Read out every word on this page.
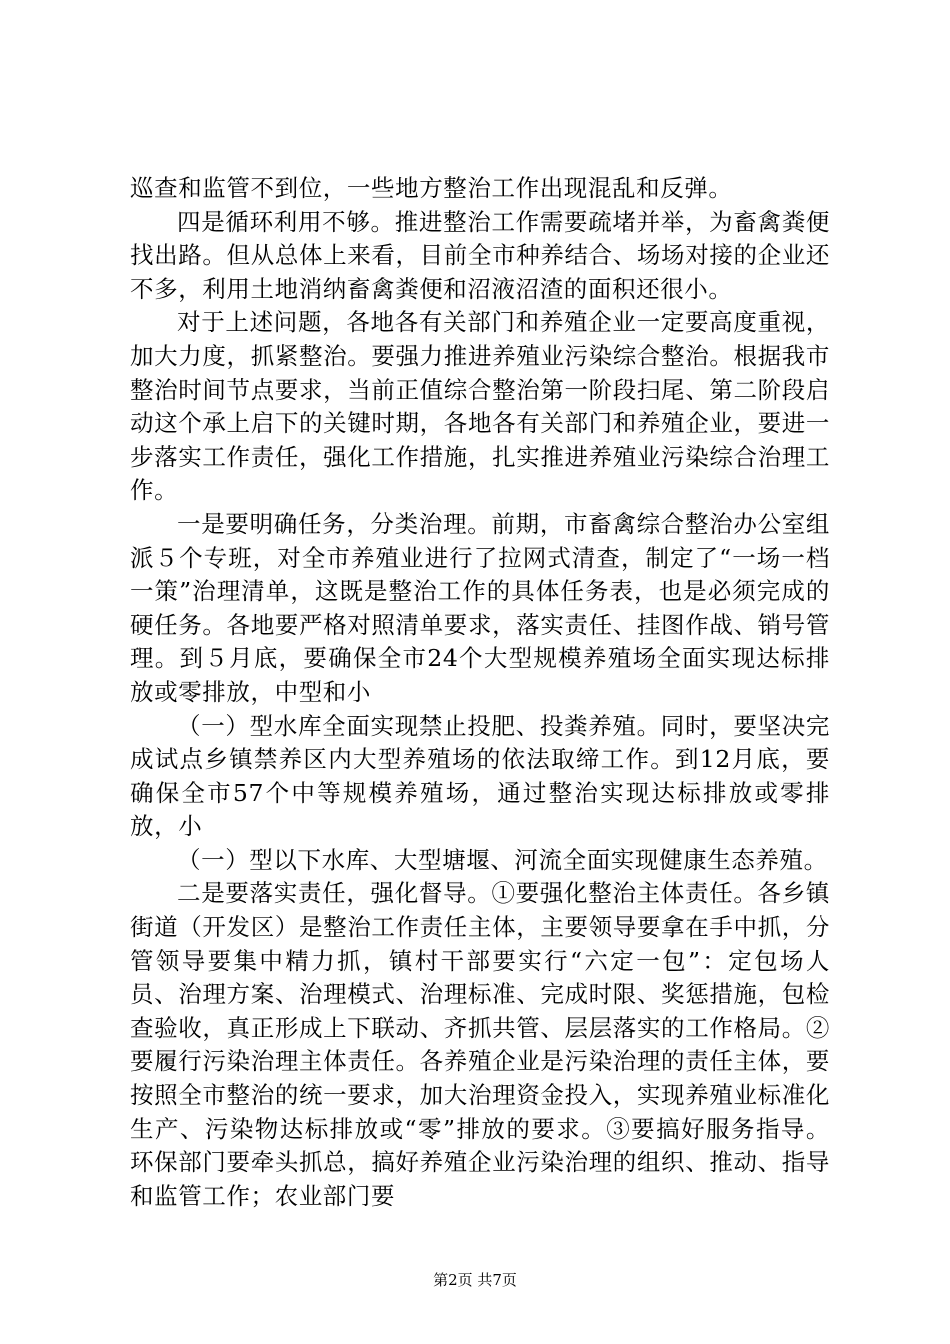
巡查和监管不到位，一些地方整治工作出现混乱和反弹。

四是循环利用不够。推进整治工作需要疏堵并举，为畜禽粪便找出路。但从总体上来看，目前全市种养结合、场场对接的企业还不多，利用土地消纳畜禽粪便和沼液沼渣的面积还很小。

对于上述问题，各地各有关部门和养殖企业一定要高度重视，加大力度，抓紧整治。要强力推进养殖业污染综合整治。根据我市整治时间节点要求，当前正值综合整治第一阶段扫尾、第二阶段启动这个承上启下的关键时期，各地各有关部门和养殖企业，要进一步落实工作责任，强化工作措施，扎实推进养殖业污染综合治理工作。

一是要明确任务，分类治理。前期，市畜禽综合整治办公室组派５个专班，对全市养殖业进行了拉网式清查，制定了“一场一档一策”治理清单，这既是整治工作的具体任务表，也是必须完成的硬任务。各地要严格对照清单要求，落实责任、挂图作战、销号管理。到５月底，要确保全市24个大型规模养殖场全面实现达标排放或零排放，中型和小

（一）型水库全面实现禁止投肥、投粪养殖。同时，要坚决完成试点乡镇禁养区内大型养殖场的依法取缔工作。到12月底，要确保全市57个中等规模养殖场，通过整治实现达标排放或零排放，小

（一）型以下水库、大型塘堰、河流全面实现健康生态养殖。

二是要落实责任，强化督导。①要强化整治主体责任。各乡镇街道（开发区）是整治工作责任主体，主要领导要拿在手中抓，分管领导要集中精力抓，镇村干部要实行“六定一包”：定包场人员、治理方案、治理模式、治理标准、完成时限、奖惩措施，包检查验收，真正形成上下联动、齐抓共管、层层落实的工作格局。②要履行污染治理主体责任。各养殖企业是污染治理的责任主体，要按照全市整治的统一要求，加大治理资金投入，实现养殖业标准化生产、污染物达标排放或“零”排放的要求。③要搞好服务指导。环保部门要牵头抓总，搞好养殖企业污染治理的组织、推动、指导和监管工作；农业部门要

第2页 共7页
